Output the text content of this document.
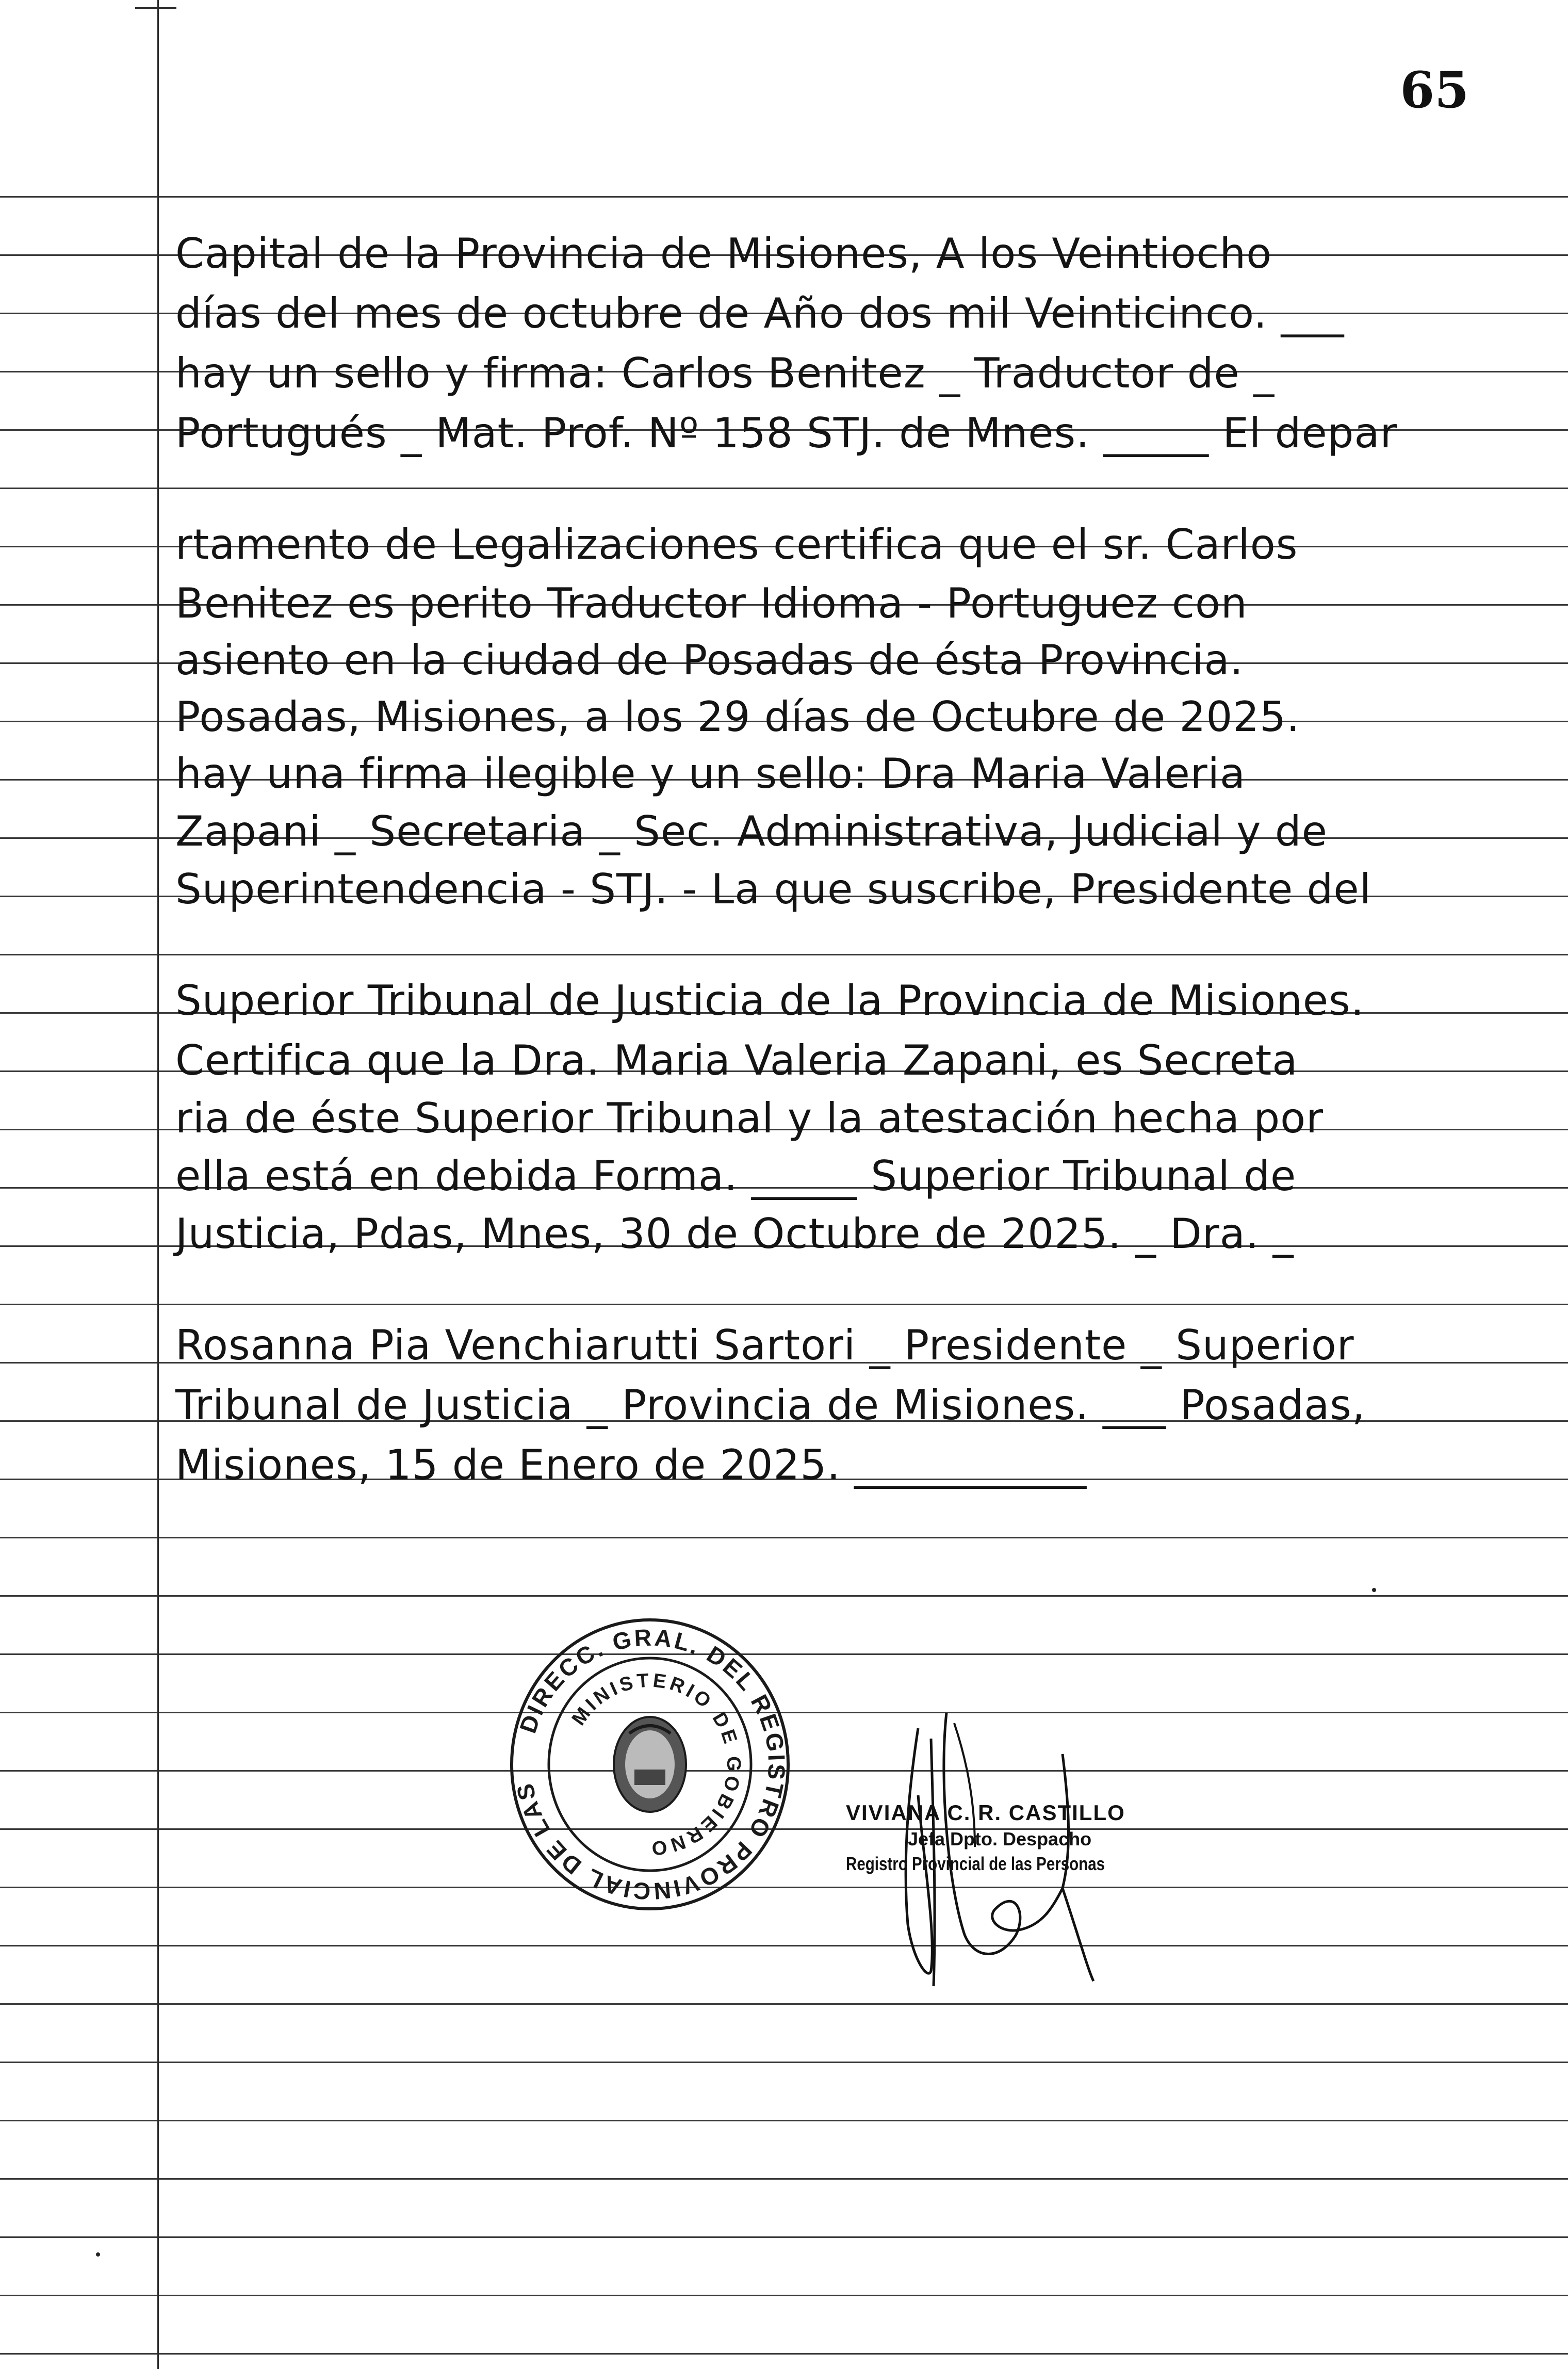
65
Capital de la Provincia de Misiones, A los Veintiocho
días del mes de octubre de Año dos mil Veinticinco. ___
hay un sello y firma: Carlos Benitez _ Traductor de _
Portugués _ Mat. Prof. Nº 158 STJ. de Mnes. _____ El depar
rtamento de Legalizaciones certifica que el sr. Carlos
Benitez es perito Traductor Idioma - Portuguez con
asiento en la ciudad de Posadas de ésta Provincia.
Posadas, Misiones, a los 29 días de Octubre de 2025.
hay una firma ilegible y un sello: Dra Maria Valeria
Zapani _ Secretaria _ Sec. Administrativa, Judicial y de
Superintendencia - STJ. - La que suscribe, Presidente del
Superior Tribunal de Justicia de la Provincia de Misiones.
Certifica que la Dra. Maria Valeria Zapani, es Secreta
ria de éste Superior Tribunal y la atestación hecha por
ella está en debida Forma. _____ Superior Tribunal de
Justicia, Pdas, Mnes, 30 de Octubre de 2025. _ Dra. _
Rosanna Pia Venchiarutti Sartori _ Presidente _ Superior
Tribunal de Justicia _ Provincia de Misiones. ___ Posadas,
Misiones, 15 de Enero de 2025. ___________
DIRECC. GRAL. DEL REGISTRO PROVINCIAL DE LAS
MINISTERIO DE GOBIERNO
VIVIANA C. R. CASTILLO
Jefa Dpto. Despacho
Registro Provincial de las Personas
